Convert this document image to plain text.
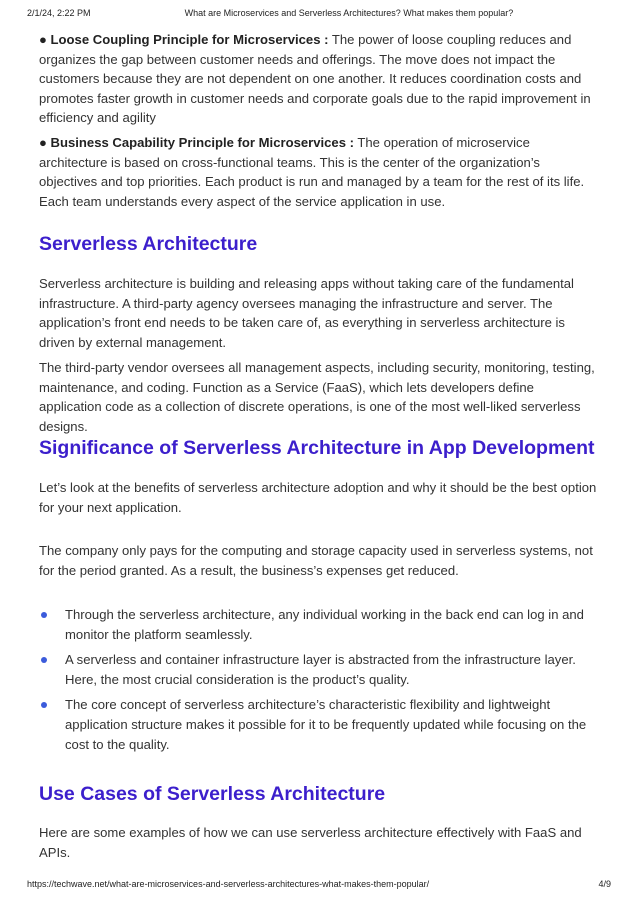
2/1/24, 2:22 PM	What are Microservices and Serverless Architectures? What makes them popular?

● Loose Coupling Principle for Microservices : The power of loose coupling reduces and organizes the gap between customer needs and offerings. The move does not impact the customers because they are not dependent on one another. It reduces coordination costs and promotes faster growth in customer needs and corporate goals due to the rapid improvement in efficiency and agility

● Business Capability Principle for Microservices : The operation of microservice architecture is based on cross-functional teams. This is the center of the organization’s objectives and top priorities. Each product is run and managed by a team for the rest of its life. Each team understands every aspect of the service application in use.

Serverless Architecture

Serverless architecture is building and releasing apps without taking care of the fundamental infrastructure. A third-party agency oversees managing the infrastructure and server. The application’s front end needs to be taken care of, as everything in serverless architecture is driven by external management.

The third-party vendor oversees all management aspects, including security, monitoring, testing, maintenance, and coding. Function as a Service (FaaS), which lets developers define application code as a collection of discrete operations, is one of the most well-liked serverless designs.

Significance of Serverless Architecture in App Development

Let’s look at the benefits of serverless architecture adoption and why it should be the best option for your next application.

The company only pays for the computing and storage capacity used in serverless systems, not for the period granted. As a result, the business’s expenses get reduced.

Through the serverless architecture, any individual working in the back end can log in and monitor the platform seamlessly.
A serverless and container infrastructure layer is abstracted from the infrastructure layer. Here, the most crucial consideration is the product’s quality.
The core concept of serverless architecture’s characteristic flexibility and lightweight application structure makes it possible for it to be frequently updated while focusing on the cost to the quality.
Use Cases of Serverless Architecture

Here are some examples of how we can use serverless architecture effectively with FaaS and APIs.

https://techwave.net/what-are-microservices-and-serverless-architectures-what-makes-them-popular/	4/9
